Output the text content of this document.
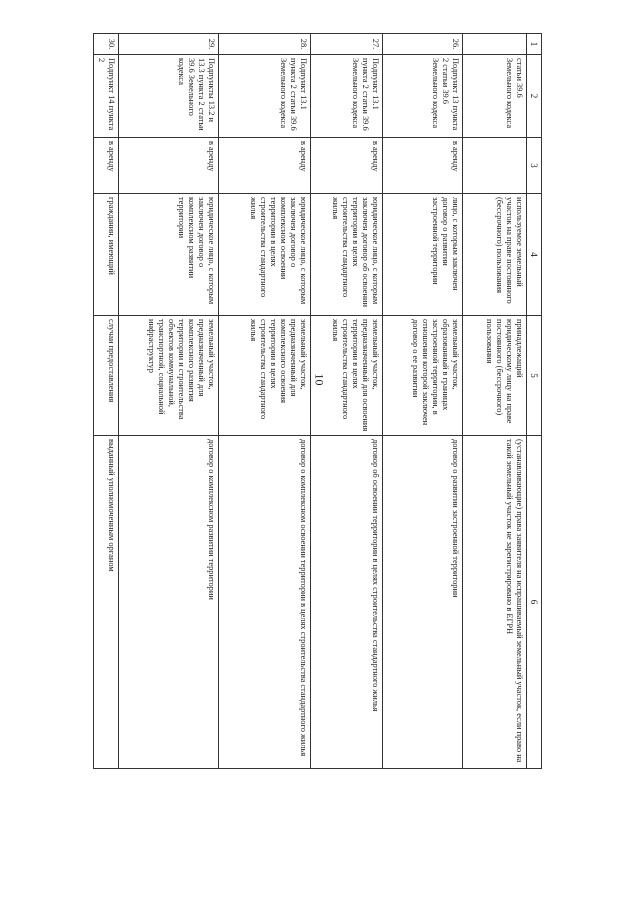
10
1	2	3	4	5	6
	статьи 39.6 Земельного кодекса		используемое земельный участок на праве постоянного (бессрочного) пользования	принадлежащий юридическому лицу на праве постоянного (бессрочного) пользования	(устанавливающие) права заявителя на испрашиваемый земельный участок, если право на такой земельный участок не зарегистрировано в ЕГРН
26.	Подпункт 13 пункта 2 статьи 39.6 Земельного кодекса	в аренду	лицо, с которым заключен договор о развитии застроенной территории	земельный участок, образованный в границах застроенной территории, в отношении которой заключен договор о ее развитии	договор о развитии застроенной территории
27.	Подпункт 13.1 пункта 2 статьи 39.6 Земельного кодекса	в аренду	юридическое лицо, с которым заключен договор об освоении территории в целях строительства стандартного жилья	земельный участок, предназначенный для освоения территории в целях строительства стандартного жилья	договор об освоении территории в целях строительства стандартного жилья
28.	Подпункт 13.1 пункта 2 статьи 39.6 Земельного кодекса	в аренду	юридическое лицо, с которым заключен договор о комплексном освоении территории в целях строительства стандартного жилья	земельный участок, предназначенный для комплексного освоения территории в целях строительства стандартного жилья	договор о комплексном освоении территории в целях строительства стандартного жилья
29.	Подпункты 13.2 и 13.3 пункта 2 статьи 39.6 Земельного кодекса	в аренду	юридическое лицо, с которым заключен договор о комплексном развитии территории	земельный участок, предназначенный для комплексного развития территории и строительства объектов коммунальной, транспортной, социальной инфраструктур	договор о комплексном развитии территории
30.	Подпункт 14 пункта 2	в аренду	гражданин, имеющий	случаи предоставления	выданный уполномоченным органом
